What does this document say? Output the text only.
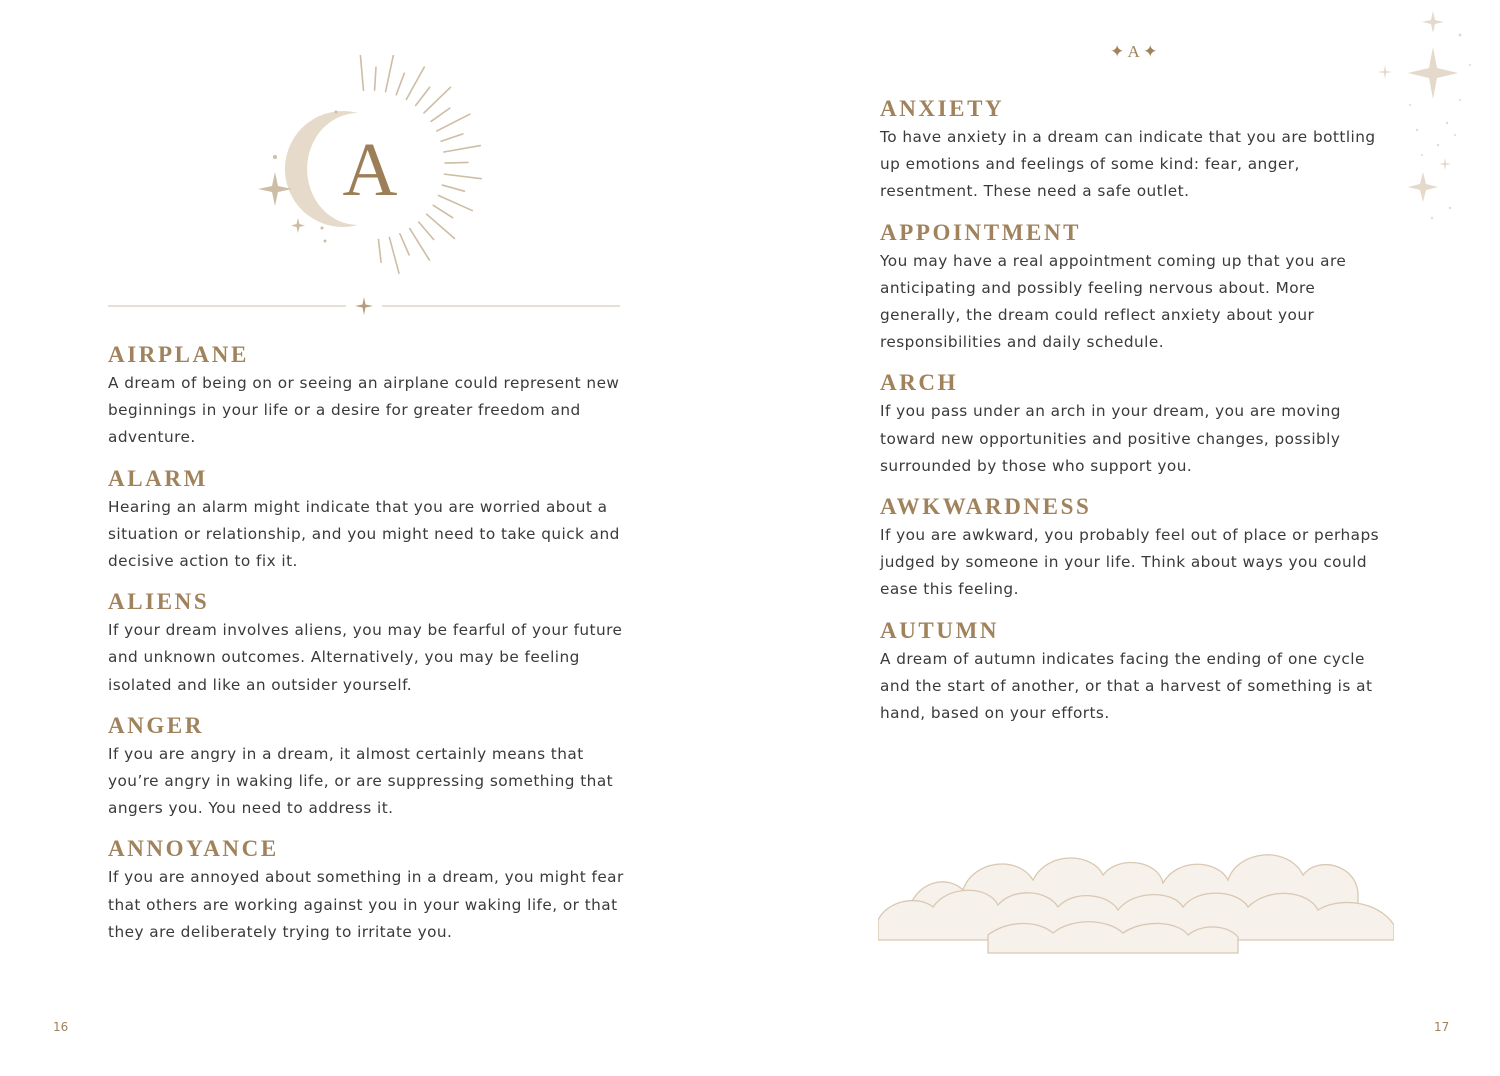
A
AIRPLANE

A dream of being on or seeing an airplane could represent new beginnings in your life or a desire for greater freedom and adventure.

ALARM

Hearing an alarm might indicate that you are worried about a situation or relationship, and you might need to take quick and decisive action to fix it.

ALIENS

If your dream involves aliens, you may be fearful of your future and unknown outcomes. Alternatively, you may be feeling isolated and like an outsider yourself.

ANGER

If you are angry in a dream, it almost certainly means that you’re angry in waking life, or are suppressing something that angers you. You need to address it.

ANNOYANCE

If you are annoyed about something in a dream, you might fear that others are working against you in your waking life, or that they are deliberately trying to irritate you.

16
✦ A ✦
ANXIETY

To have anxiety in a dream can indicate that you are bottling up emotions and feelings of some kind: fear, anger, resentment. These need a safe outlet.

APPOINTMENT

You may have a real appointment coming up that you are anticipating and possibly feeling nervous about. More generally, the dream could reflect anxiety about your responsibilities and daily schedule.

ARCH

If you pass under an arch in your dream, you are moving toward new opportunities and positive changes, possibly surrounded by those who support you.

AWKWARDNESS

If you are awkward, you probably feel out of place or perhaps judged by someone in your life. Think about ways you could ease this feeling.

AUTUMN

A dream of autumn indicates facing the ending of one cycle and the start of another, or that a harvest of something is at hand, based on your efforts.

17
